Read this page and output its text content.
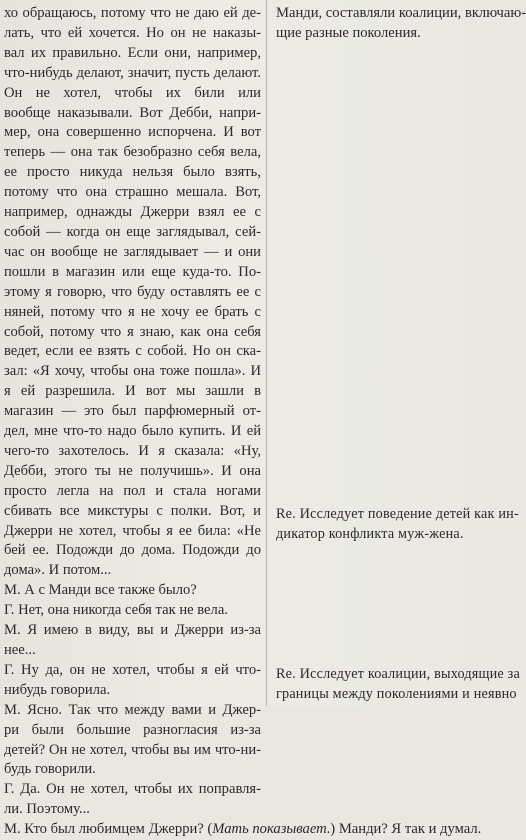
хо обращаюсь, потому что не даю ей де-
лать, что ей хочется. Но он не наказы-
вал их правильно. Если они, например,
что-нибудь делают, значит, пусть делают.
Он не хотел, чтобы их били или
вообще наказывали. Вот Дебби, напри-
мер, она совершенно испорчена. И вот
теперь — она так безобразно себя вела,
ее просто никуда нельзя было взять,
потому что она страшно мешала. Вот,
например, однажды Джерри взял ее с
собой — когда он еще заглядывал, сей-
час он вообще не заглядывает — и они
пошли в магазин или еще куда-то. По-
этому я говорю, что буду оставлять ее с
няней, потому что я не хочу ее брать с
собой, потому что я знаю, как она себя
ведет, если ее взять с собой. Но он ска-
зал: «Я хочу, чтобы она тоже пошла». И
я ей разрешила. И вот мы зашли в
магазин — это был парфюмерный от-
дел, мне что-то надо было купить. И ей
чего-то захотелось. И я сказала: «Ну,
Дебби, этого ты не получишь». И она
просто легла на пол и стала ногами
сбивать все микстуры с полки. Вот, и
Джерри не хотел, чтобы я ее била: «Не
бей ее. Подожди до дома. Подожди до
дома». И потом...
М. А с Манди все также было?
Г. Нет, она никогда себя так не вела.
М. Я имею в виду, вы и Джерри из-за
нее...
Г. Ну да, он не хотел, чтобы я ей что-
нибудь говорила.
М. Ясно. Так что между вами и Джер-
ри были большие разногласия из-за
детей? Он не хотел, чтобы вы им что-ни-
будь говорили.
Г. Да. Он не хотел, чтобы их поправля-
ли. Поэтому...
М. Кто был любимцем Джерри? (Мать показывает.) Манди? Я так и думал.
Манди, составляли коалиции, включаю-
щие разные поколения.
Re. Исследует поведение детей как ин-
дикатор конфликта муж-жена.
Re. Исследует коалиции, выходящие за
границы между поколениями и неявно
